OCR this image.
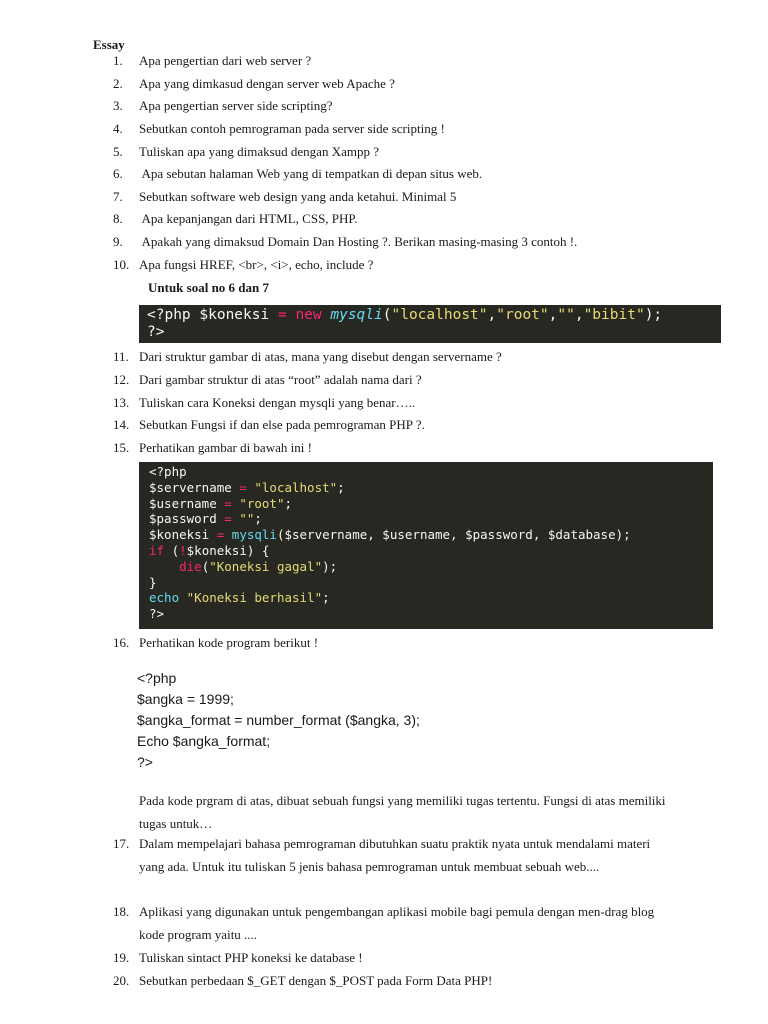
Essay
1. Apa pengertian dari web server ?
2. Apa yang dimkasud dengan server web Apache ?
3. Apa pengertian server side scripting?
4. Sebutkan contoh pemrograman pada server side scripting !
5. Tuliskan apa yang dimaksud dengan Xampp ?
6. Apa sebutan halaman Web yang di tempatkan di depan situs web.
7. Sebutkan software web design yang anda ketahui. Minimal 5
8. Apa kepanjangan dari HTML, CSS, PHP.
9. Apakah yang dimaksud Domain Dan Hosting ?. Berikan masing-masing 3 contoh !.
10. Apa fungsi HREF, <br>, <i>, echo, include ?
Untuk soal no 6 dan 7
<?php $koneksi = new mysqli("localhost","root","","bibit");
?>
11. Dari struktur gambar di atas, mana yang disebut dengan servername ?
12. Dari gambar struktur di atas “root” adalah nama dari ?
13. Tuliskan cara Koneksi dengan mysqli yang benar…..
14. Sebutkan Fungsi if dan else pada pemrograman PHP ?.
15. Perhatikan gambar di bawah ini !
<?php
$servername = "localhost";
$username = "root";
$password = "";
$koneksi = mysqli($servername, $username, $password, $database);
if (!$koneksi) {
die("Koneksi gagal");
}
echo "Koneksi berhasil";
?>
16. Perhatikan kode program berikut !
<?php
$angka = 1999;
$angka_format = number_format ($angka, 3);
Echo $angka_format;
?>
Pada kode prgram di atas, dibuat sebuah fungsi yang memiliki tugas tertentu. Fungsi di atas memiliki tugas untuk…
17. Dalam mempelajari bahasa pemrograman dibutuhkan suatu praktik nyata untuk mendalami materi yang ada. Untuk itu tuliskan 5 jenis bahasa pemrograman untuk membuat sebuah web....
18. Aplikasi yang digunakan untuk pengembangan aplikasi mobile bagi pemula dengan men-drag blog kode program yaitu ....
19. Tuliskan sintact PHP koneksi ke database !
20. Sebutkan perbedaan $_GET dengan $_POST pada Form Data PHP!
